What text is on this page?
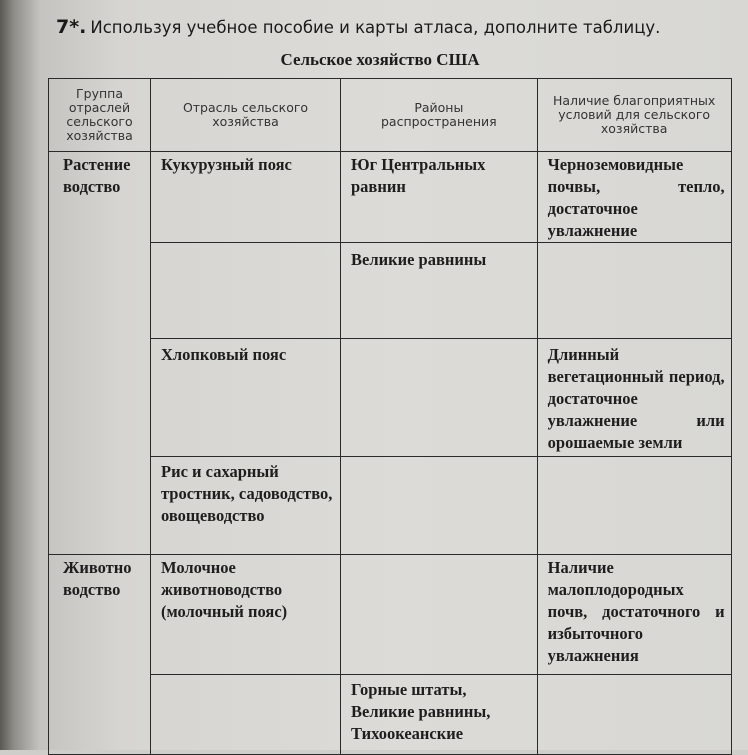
7*. Используя учебное пособие и карты атласа, дополните таблицу.
Сельское хозяйство США
Группа отраслей сельского хозяйства	Отрасль сельского хозяйства	Районы распространения	Наличие благоприятных условий для сельского хозяйства

Растениеводство	Кукурузный пояс	Юг Центральных равнин	Черноземовидные почвы, тепло, достаточное увлажнение

		Великие равнины	

	Хлопковый пояс		Длинный вегетационный период, достаточное увлажнение или орошаемые земли

	Рис и сахарный тростник, садоводство, овощеводство		

Животноводство	Молочное животноводство (молочный пояс)		Наличие малоплодородных почв, достаточного и избыточного увлажнения

		Горные штаты, Великие равнины, Тихоокеанские	
